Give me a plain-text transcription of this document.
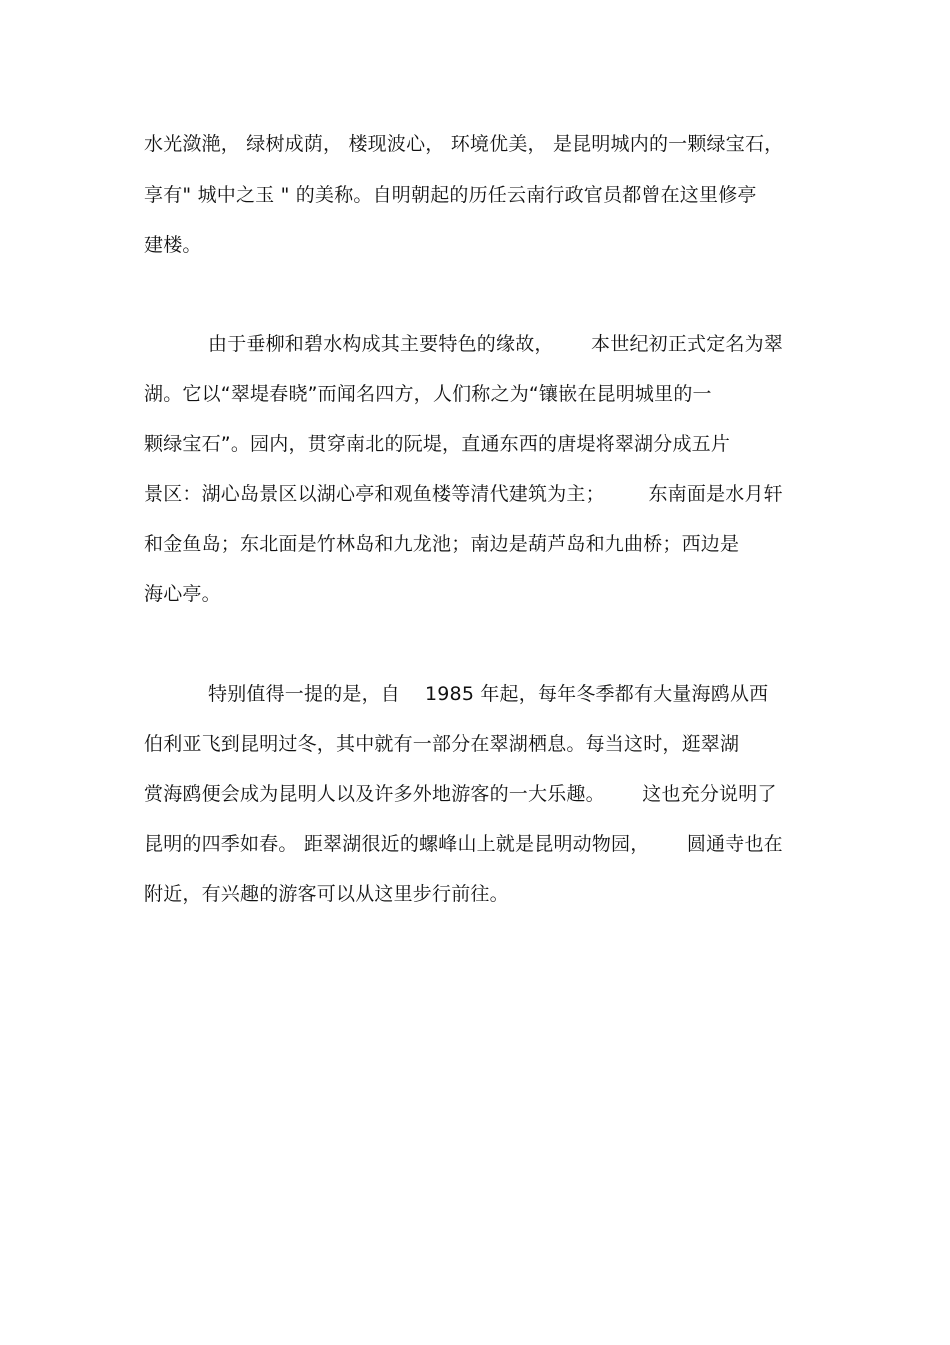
水光潋滟， 绿树成荫， 楼现波心， 环境优美， 是昆明城内的一颗绿宝石，
享有" 城中之玉 " 的美称。自明朝起的历任云南行政官员都曾在这里修亭
建楼。
由于垂柳和碧水构成其主要特色的缘故，      本世纪初正式定名为翠
湖。它以“翠堤春晓”而闻名四方，人们称之为“镶嵌在昆明城里的一
颗绿宝石”。园内，贯穿南北的阮堤，直通东西的唐堤将翠湖分成五片
景区：湖心岛景区以湖心亭和观鱼楼等清代建筑为主；       东南面是水月轩
和金鱼岛；东北面是竹林岛和九龙池；南边是葫芦岛和九曲桥；西边是
海心亭。
特别值得一提的是，自    1985 年起，每年冬季都有大量海鸥从西
伯利亚飞到昆明过冬，其中就有一部分在翠湖栖息。每当这时，逛翠湖
赏海鸥便会成为昆明人以及许多外地游客的一大乐趣。      这也充分说明了
昆明的四季如春。 距翠湖很近的螺峰山上就是昆明动物园，      圆通寺也在
附近，有兴趣的游客可以从这里步行前往。
